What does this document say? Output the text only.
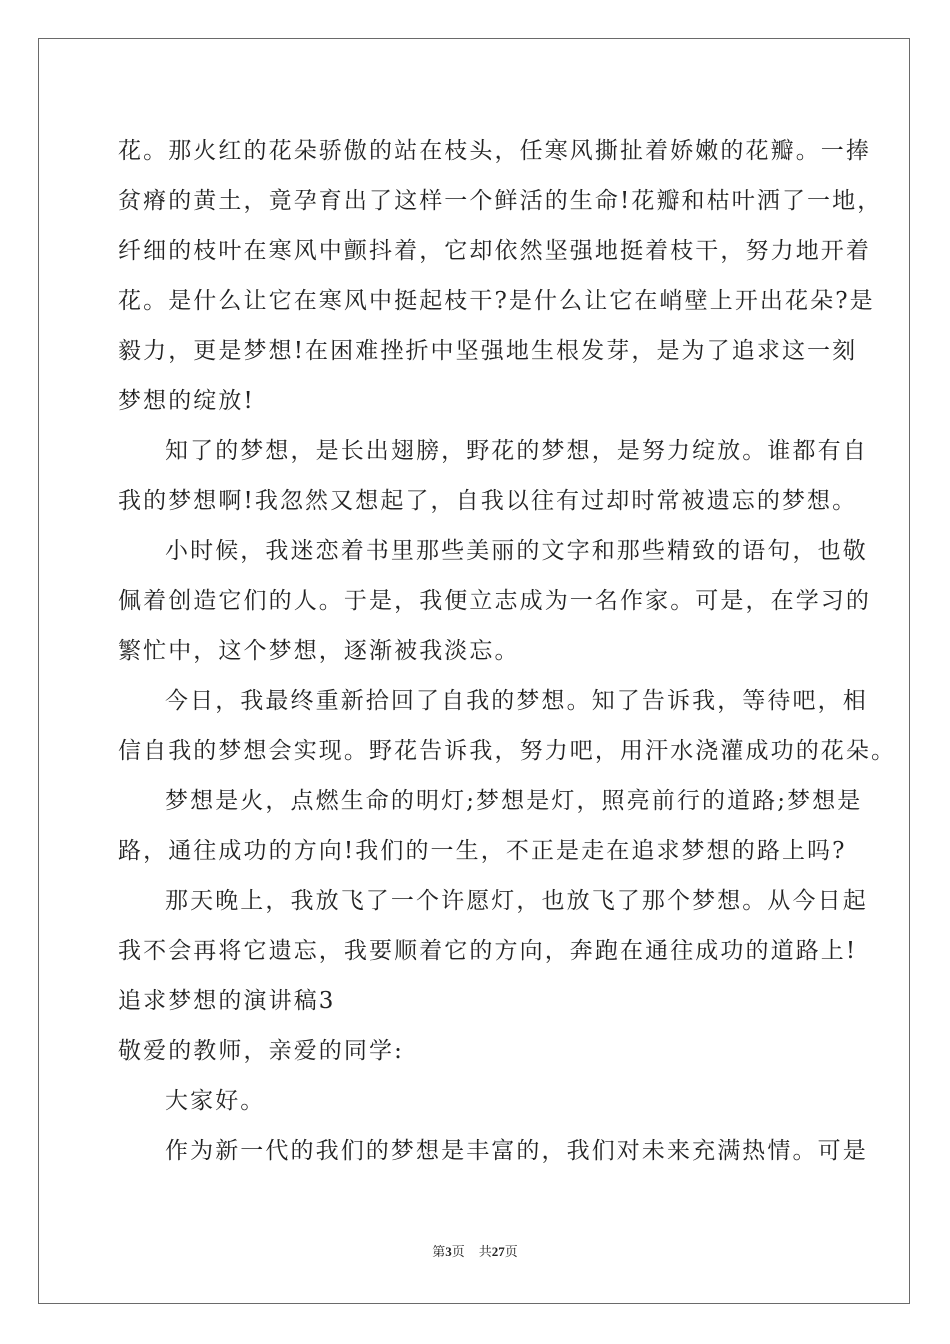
花。那火红的花朵骄傲的站在枝头，任寒风撕扯着娇嫩的花瓣。一捧
贫瘠的黄土，竟孕育出了这样一个鲜活的生命!花瓣和枯叶洒了一地，
纤细的枝叶在寒风中颤抖着，它却依然坚强地挺着枝干，努力地开着
花。是什么让它在寒风中挺起枝干?是什么让它在峭壁上开出花朵?是
毅力，更是梦想!在困难挫折中坚强地生根发芽，是为了追求这一刻
梦想的绽放!
知了的梦想，是长出翅膀，野花的梦想，是努力绽放。谁都有自
我的梦想啊!我忽然又想起了，自我以往有过却时常被遗忘的梦想。
小时候，我迷恋着书里那些美丽的文字和那些精致的语句，也敬
佩着创造它们的人。于是，我便立志成为一名作家。可是，在学习的
繁忙中，这个梦想，逐渐被我淡忘。
今日，我最终重新拾回了自我的梦想。知了告诉我，等待吧，相
信自我的梦想会实现。野花告诉我，努力吧，用汗水浇灌成功的花朵。
梦想是火，点燃生命的明灯;梦想是灯，照亮前行的道路;梦想是
路，通往成功的方向!我们的一生，不正是走在追求梦想的路上吗?
那天晚上，我放飞了一个许愿灯，也放飞了那个梦想。从今日起
我不会再将它遗忘，我要顺着它的方向，奔跑在通往成功的道路上!
追求梦想的演讲稿3
敬爱的教师，亲爱的同学:
大家好。
作为新一代的我们的梦想是丰富的，我们对未来充满热情。可是
第3页 共27页
